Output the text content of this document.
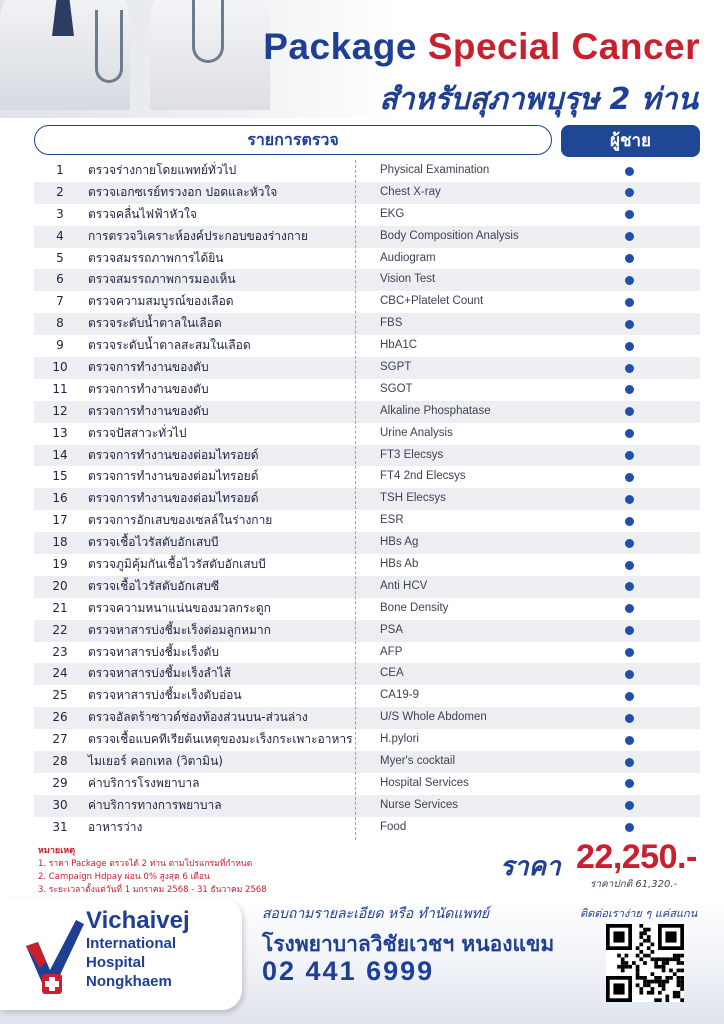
Package Special Cancer
สำหรับสุภาพบุรุษ 2 ท่าน
รายการตรวจ	ผู้ชาย
1	ตรวจร่างกายโดยแพทย์ทั่วไป	Physical Examination
2	ตรวจเอกซเรย์ทรวงอก ปอดและหัวใจ	Chest X-ray
3	ตรวจคลื่นไฟฟ้าหัวใจ	EKG
4	การตรวจวิเคราะห์องค์ประกอบของร่างกาย	Body Composition Analysis
5	ตรวจสมรรถภาพการได้ยิน	Audiogram
6	ตรวจสมรรถภาพการมองเห็น	Vision Test
7	ตรวจความสมบูรณ์ของเลือด	CBC+Platelet Count
8	ตรวจระดับน้ำตาลในเลือด	FBS
9	ตรวจระดับน้ำตาลสะสมในเลือด	HbA1C
10	ตรวจการทำงานของตับ	SGPT
11	ตรวจการทำงานของตับ	SGOT
12	ตรวจการทำงานของตับ	Alkaline Phosphatase
13	ตรวจปัสสาวะทั่วไป	Urine Analysis
14	ตรวจการทำงานของต่อมไทรอยด์	FT3 Elecsys
15	ตรวจการทำงานของต่อมไทรอยด์	FT4 2nd Elecsys
16	ตรวจการทำงานของต่อมไทรอยด์	TSH Elecsys
17	ตรวจการอักเสบของเซลล์ในร่างกาย	ESR
18	ตรวจเชื้อไวรัสตับอักเสบบี	HBs Ag
19	ตรวจภูมิคุ้มกันเชื้อไวรัสตับอักเสบบี	HBs Ab
20	ตรวจเชื้อไวรัสตับอักเสบซี	Anti HCV
21	ตรวจความหนาแน่นของมวลกระดูก	Bone Density
22	ตรวจหาสารบ่งชี้มะเร็งต่อมลูกหมาก	PSA
23	ตรวจหาสารบ่งชี้มะเร็งตับ	AFP
24	ตรวจหาสารบ่งชี้มะเร็งลำไส้	CEA
25	ตรวจหาสารบ่งชี้มะเร็งตับอ่อน	CA19-9
26	ตรวจอัลตร้าซาวด์ช่องท้องส่วนบน-ส่วนล่าง	U/S Whole Abdomen
27	ตรวจเชื้อแบคทีเรียต้นเหตุของมะเร็งกระเพาะอาหาร H.pylori
28	ไมเยอร์ คอกเทล (วิตามิน)	Myer's cocktail
29	ค่าบริการโรงพยาบาล	Hospital Services
30	ค่าบริการทางการพยาบาล	Nurse Services
31	อาหารว่าง	Food
หมายเหตุ
1. ราคา Package ตรวจได้ 2 ท่าน ตามโปรแกรมที่กำหนด
2. Campaign Hdpay ผ่อน 0% สูงสุด 6 เดือน
3. ระยะเวลาตั้งแต่วันที่ 1 มกราคม 2568 - 31 ธันวาคม 2568
ราคา 22,250.-
ราคาปกติ 61,320.-
Vichaivej
International
Hospital
Nongkhaem
สอบถามรายละเอียด หรือ ทำนัดแพทย์
โรงพยาบาลวิชัยเวชฯ หนองแขม
02 441 6999
ติดต่อเราง่าย ๆ แค่สแกน
